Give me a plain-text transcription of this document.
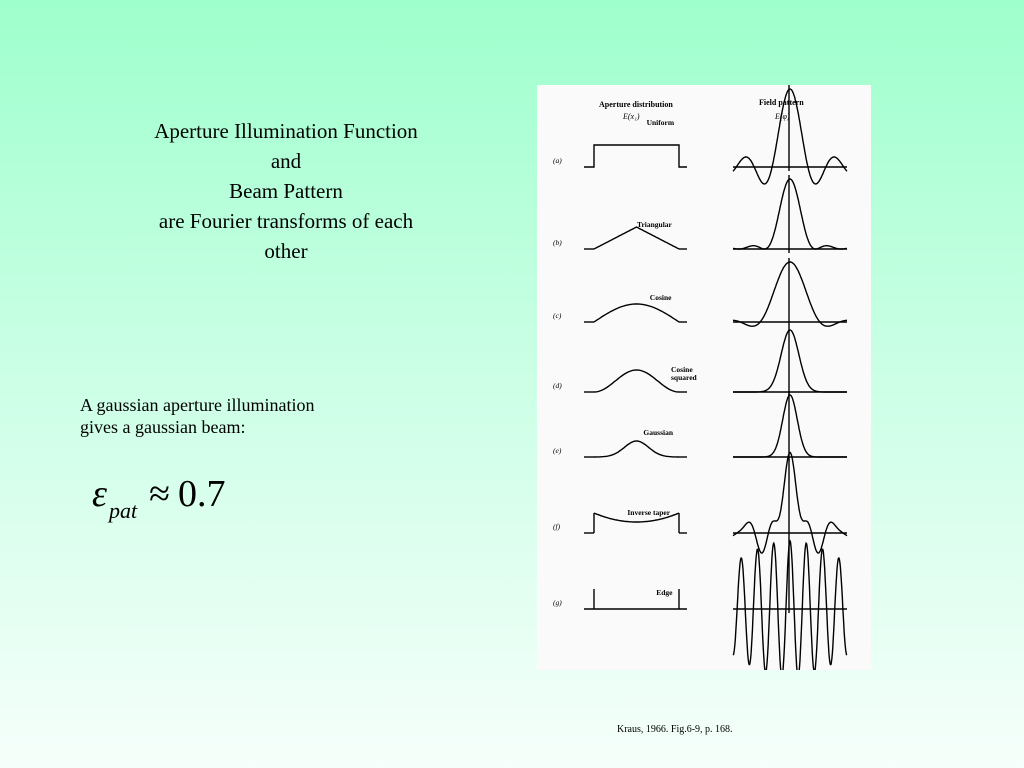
Aperture Illumination Function
and
Beam Pattern
are Fourier transforms of each
other
A gaussian aperture illumination
gives a gaussian beam:
$\varepsilon_{pat} \approx 0.7$
Aperture distribution
E(x₁)
Field pattern
E(φ)
(a)
Uniform
(b)
Triangular
(c)
Cosine
(d)
Cosine
squared
(e)
Gaussian
(f)
Inverse taper
(g)
Edge
Kraus, 1966. Fig.6-9, p. 168.
